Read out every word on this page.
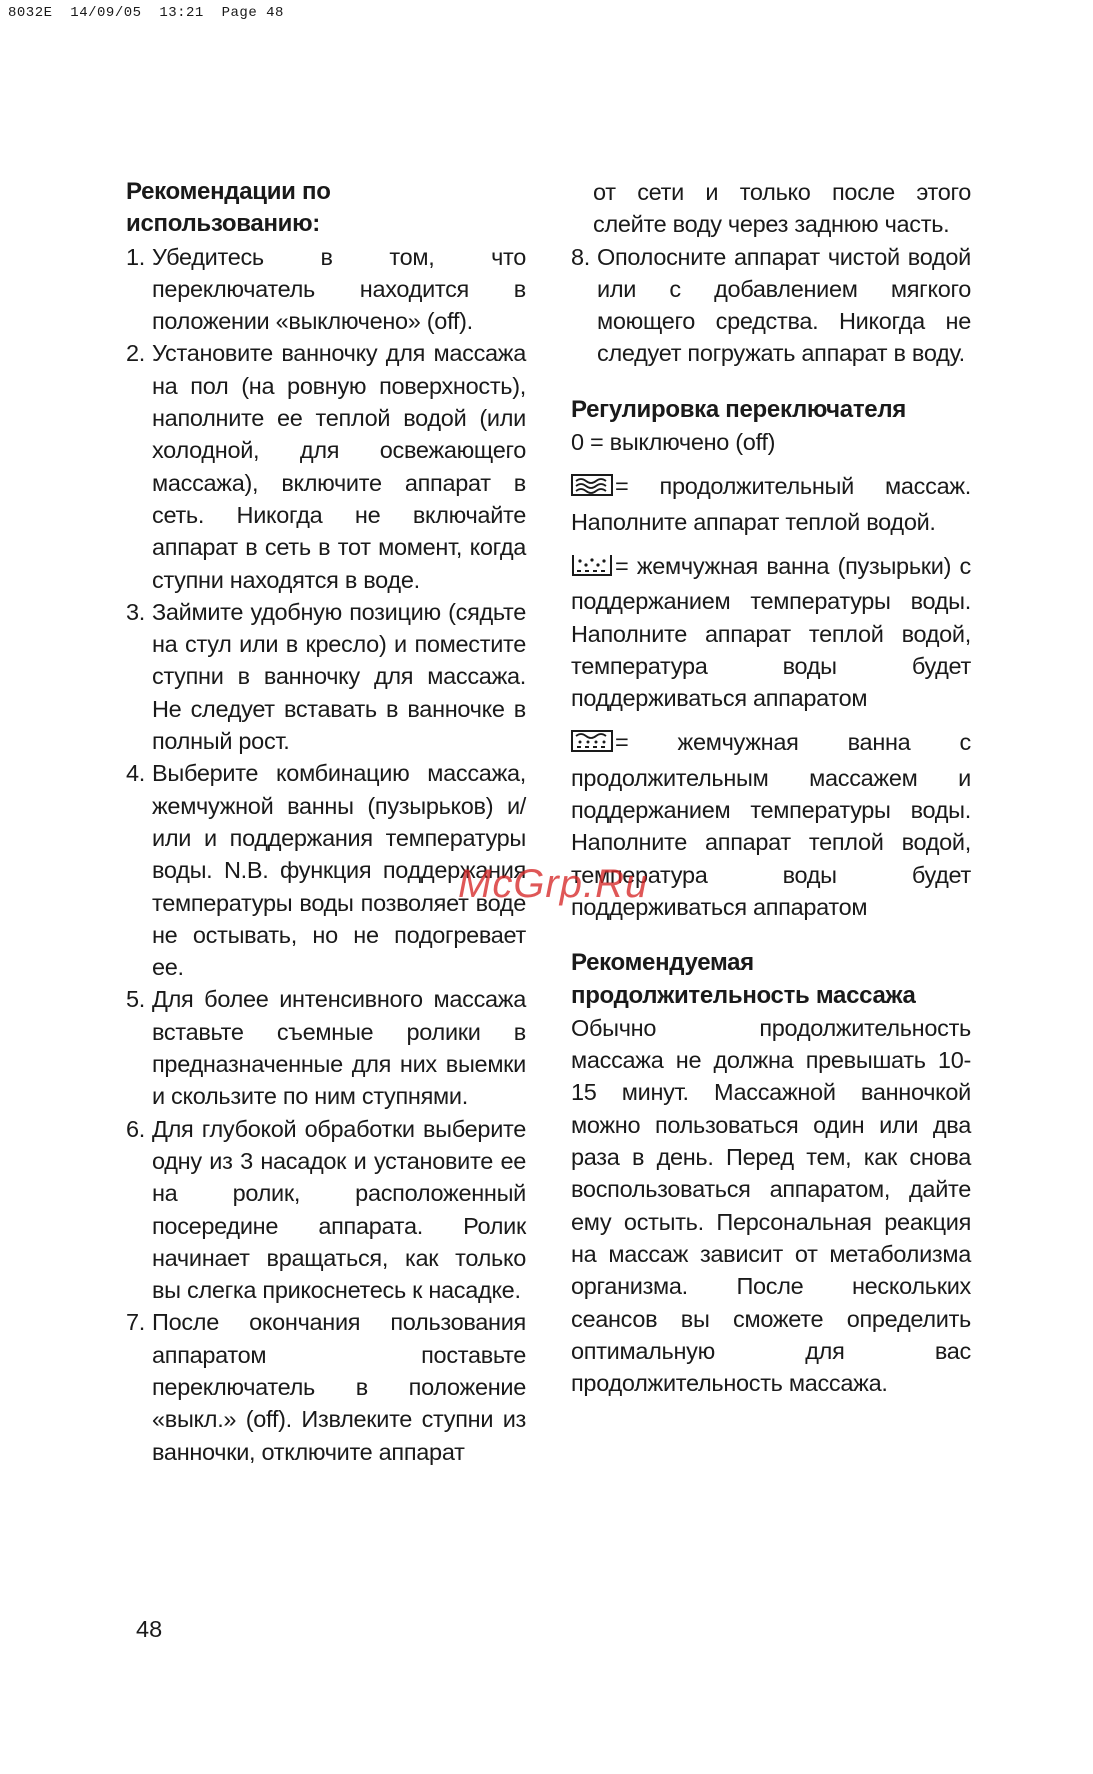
8032E  14/09/05  13:21  Page 48

Рекомендации по
использованию:

1. Убедитесь в том, что переключатель находится в положении «выключено» (off).
2. Установите ванночку для массажа на пол (на ровную поверхность), наполните ее теплой водой (или холодной, для освежающего массажа), включите аппарат в сеть. Никогда не включайте аппарат в сеть в тот момент, когда ступни находятся в воде.
3. Займите удобную позицию (сядьте на стул или в кресло) и поместите ступни в ванночку для массажа. Не следует вставать в ванночке в полный рост.
4. Выберите комбинацию массажа, жемчужной ванны (пузырьков) и/или и поддержания температуры воды. N.B. функция поддержания температуры воды позволяет воде не остывать, но не подогревает ее.
5. Для более интенсивного массажа вставьте съемные ролики в предназначенные для них выемки и скользите по ним ступнями.
6. Для глубокой обработки выберите одну из 3 насадок и установите ее на ролик, расположенный посередине аппарата. Ролик начинает вращаться, как только вы слегка прикоснетесь к насадке.
7. После окончания пользования аппаратом поставьте переключатель в положение «выкл.» (off). Извлеките ступни из ванночки, отключите аппарат

от сети и только после этого слейте воду через заднюю часть.

8. Ополосните аппарат чистой водой или с добавлением мягкого моющего средства. Никогда не следует погружать аппарат в воду.

Регулировка переключателя

0 = выключено (off)

= продолжительный массаж. Наполните аппарат теплой водой.

= жемчужная ванна (пузырьки) с поддержанием температуры воды. Наполните аппарат теплой водой, температура воды будет поддерживаться аппаратом

= жемчужная ванна с продолжительным массажем и поддержанием температуры воды. Наполните аппарат теплой водой, температура воды будет поддерживаться аппаратом

Рекомендуемая
продолжительность массажа

Обычно продолжительность массажа не должна превышать 10-15 минут. Массажной ванночкой можно пользоваться один или два раза в день. Перед тем, как снова воспользоваться аппаратом, дайте ему остыть. Персональная реакция на массаж зависит от метаболизма организма. После нескольких сеансов вы сможете определить оптимальную для вас продолжительность массажа.

48
McGrp.Ru
